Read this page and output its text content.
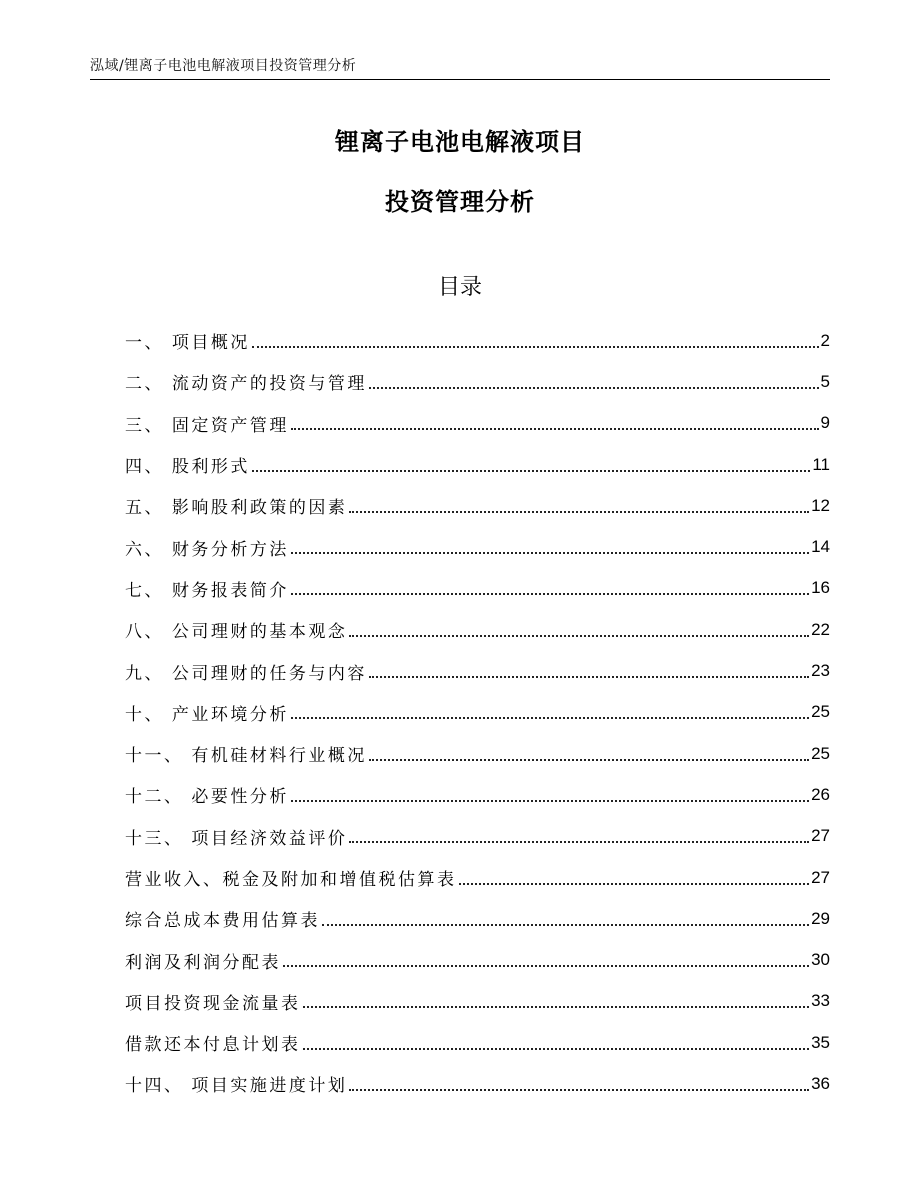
泓域/锂离子电池电解液项目投资管理分析
锂离子电池电解液项目
投资管理分析
目录
一、 项目概况	2
二、 流动资产的投资与管理	5
三、 固定资产管理	9
四、 股利形式	11
五、 影响股利政策的因素	12
六、 财务分析方法	14
七、 财务报表简介	16
八、 公司理财的基本观念	22
九、 公司理财的任务与内容	23
十、 产业环境分析	25
十一、 有机硅材料行业概况	25
十二、 必要性分析	26
十三、 项目经济效益评价	27
营业收入、税金及附加和增值税估算表	27
综合总成本费用估算表	29
利润及利润分配表	30
项目投资现金流量表	33
借款还本付息计划表	35
十四、 项目实施进度计划	36
